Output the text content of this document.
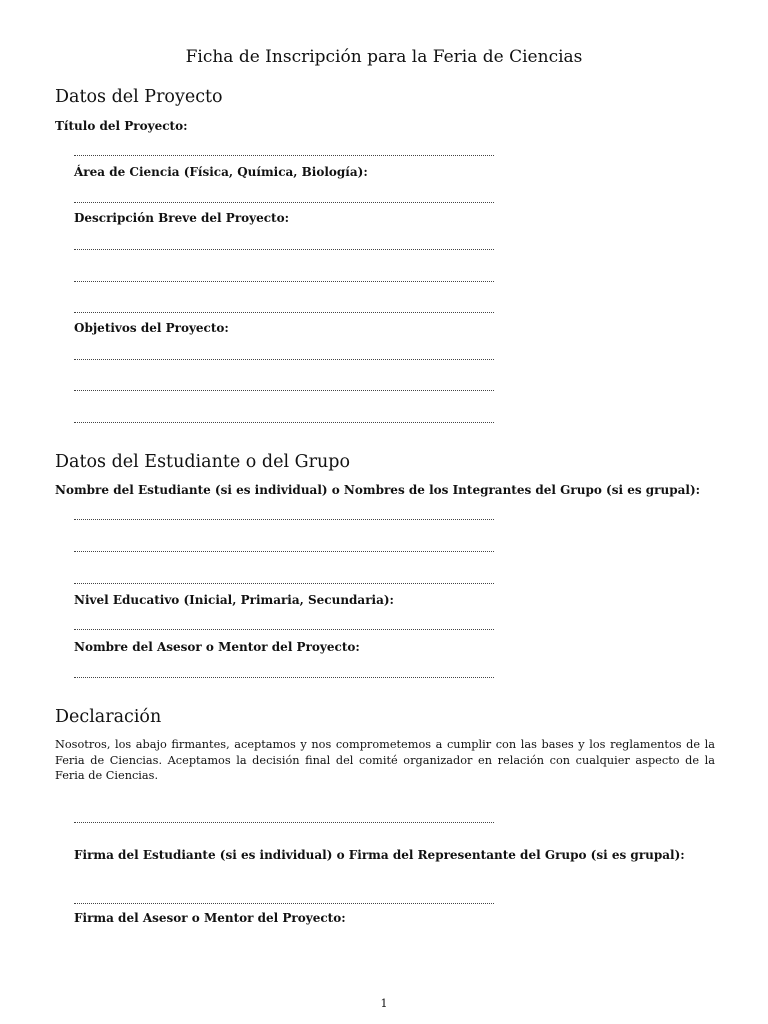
Ficha de Inscripción para la Feria de Ciencias
Datos del Proyecto
Título del Proyecto:
Área de Ciencia (Física, Química, Biología):
Descripción Breve del Proyecto:
Objetivos del Proyecto:
Datos del Estudiante o del Grupo
Nombre del Estudiante (si es individual) o Nombres de los Integrantes del Grupo (si es grupal):
Nivel Educativo (Inicial, Primaria, Secundaria):
Nombre del Asesor o Mentor del Proyecto:
Declaración
Nosotros, los abajo firmantes, aceptamos y nos comprometemos a cumplir con las bases y los reglamentos de la Feria de Ciencias. Aceptamos la decisión final del comité organizador en relación con cualquier aspecto de la Feria de Ciencias.
Firma del Estudiante (si es individual) o Firma del Representante del Grupo (si es grupal):
Firma del Asesor o Mentor del Proyecto:
1
